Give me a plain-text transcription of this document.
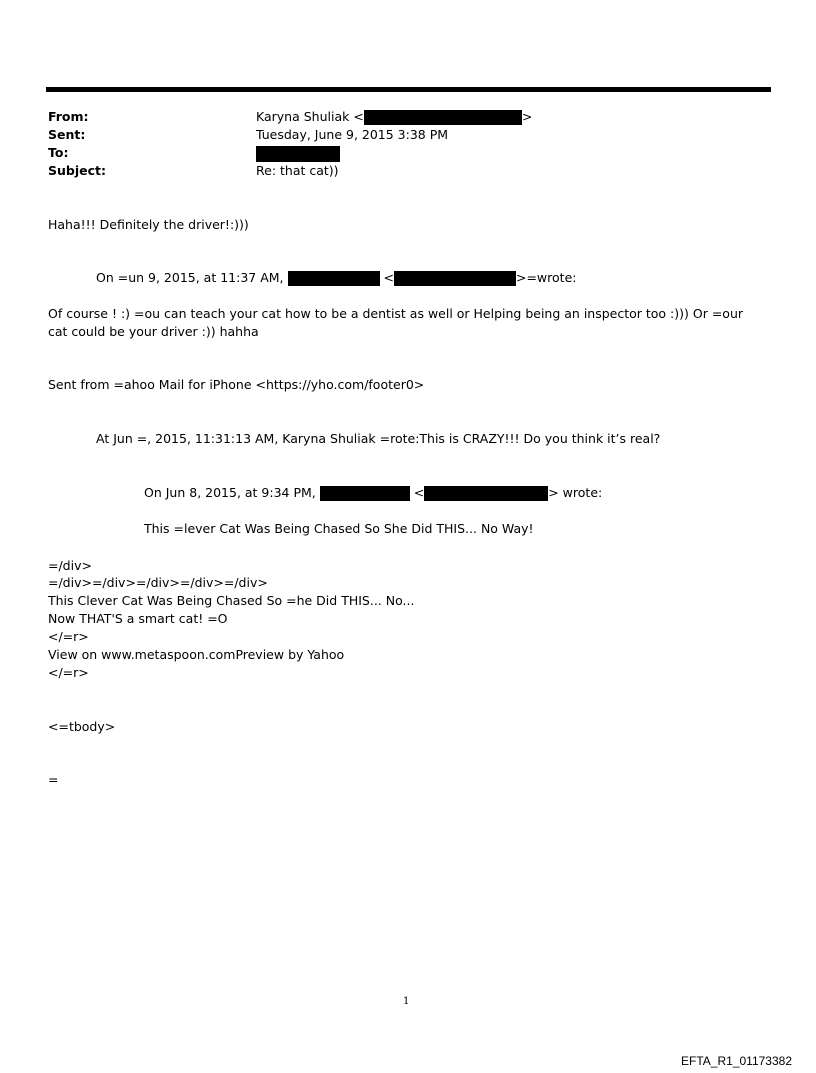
From:	Karyna Shuliak <	>
Sent:	Tuesday, June 9, 2015 3:38 PM
To:
Subject:	Re: that cat))
Haha!!! Definitely the driver!:)))
On =un 9, 2015, at 11:37 AM,	<	>=wrote:
Of course ! :) =ou can teach your cat how to be a dentist as well or Helping being an inspector too :))) Or =our cat could be your driver :)) hahha
Sent from =ahoo Mail for iPhone <https://yho.com/footer0>
At Jun =, 2015, 11:31:13 AM, Karyna Shuliak =rote:This is CRAZY!!! Do you think it’s real?
On Jun 8, 2015, at 9:34 PM,	<	> wrote:
This =lever Cat Was Being Chased So She Did THIS... No Way!
=/div>
=/div>=/div>=/div>=/div>=/div>
This Clever Cat Was Being Chased So =he Did THIS... No...
Now THAT'S a smart cat! =O
</=r>
View on www.metaspoon.comPreview by Yahoo
</=r>
<=tbody>
=
1
EFTA_R1_01173382
